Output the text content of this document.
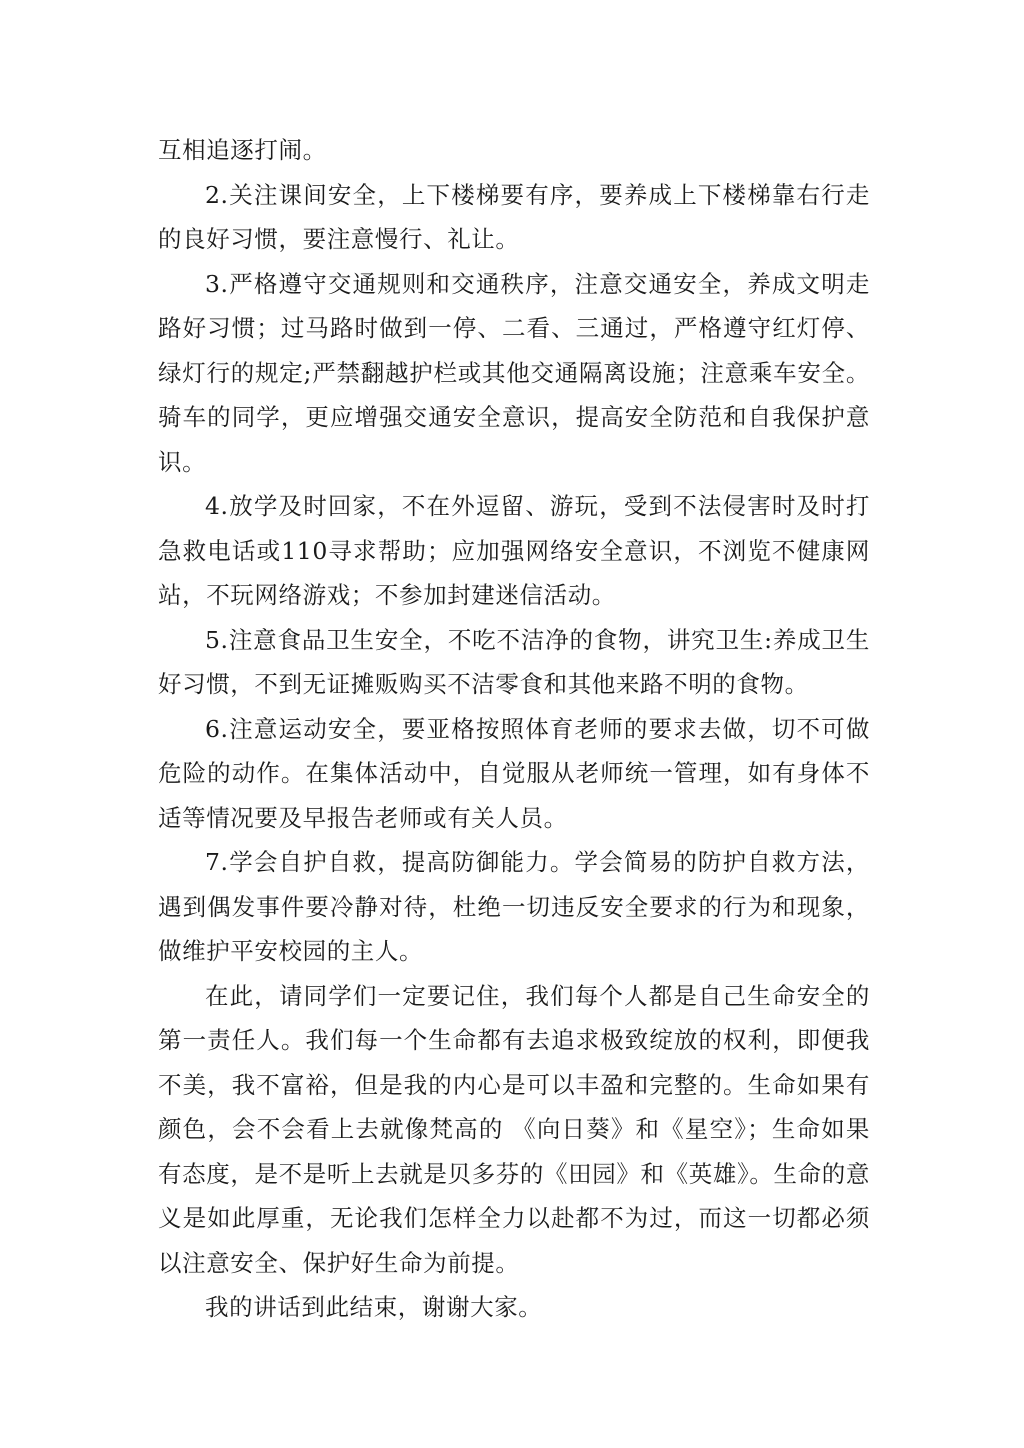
互相追逐打闹。

2.关注课间安全，上下楼梯要有序，要养成上下楼梯靠右行走的良好习惯，要注意慢行、礼让。

3.严格遵守交通规则和交通秩序，注意交通安全，养成文明走路好习惯；过马路时做到一停、二看、三通过，严格遵守红灯停、绿灯行的规定;严禁翻越护栏或其他交通隔离设施；注意乘车安全。骑车的同学，更应增强交通安全意识，提高安全防范和自我保护意识。

4.放学及时回家，不在外逗留、游玩，受到不法侵害时及时打急救电话或110寻求帮助；应加强网络安全意识，不浏览不健康网站，不玩网络游戏；不参加封建迷信活动。

5.注意食品卫生安全，不吃不洁净的食物，讲究卫生:养成卫生好习惯，不到无证摊贩购买不洁零食和其他来路不明的食物。

6.注意运动安全，要亚格按照体育老师的要求去做，切不可做危险的动作。在集体活动中，自觉服从老师统一管理，如有身体不适等情况要及早报告老师或有关人员。

7.学会自护自救，提高防御能力。学会简易的防护自救方法，遇到偶发事件要冷静对待，杜绝一切违反安全要求的行为和现象，做维护平安校园的主人。

在此，请同学们一定要记住，我们每个人都是自己生命安全的第一责任人。我们每一个生命都有去追求极致绽放的权利，即便我不美，我不富裕，但是我的内心是可以丰盈和完整的。生命如果有颜色，会不会看上去就像梵高的 《向日葵》和《星空》；生命如果有态度，是不是听上去就是贝多芬的《田园》和《英雄》。生命的意义是如此厚重，无论我们怎样全力以赴都不为过，而这一切都必须以注意安全、保护好生命为前提。

我的讲话到此结束，谢谢大家。
